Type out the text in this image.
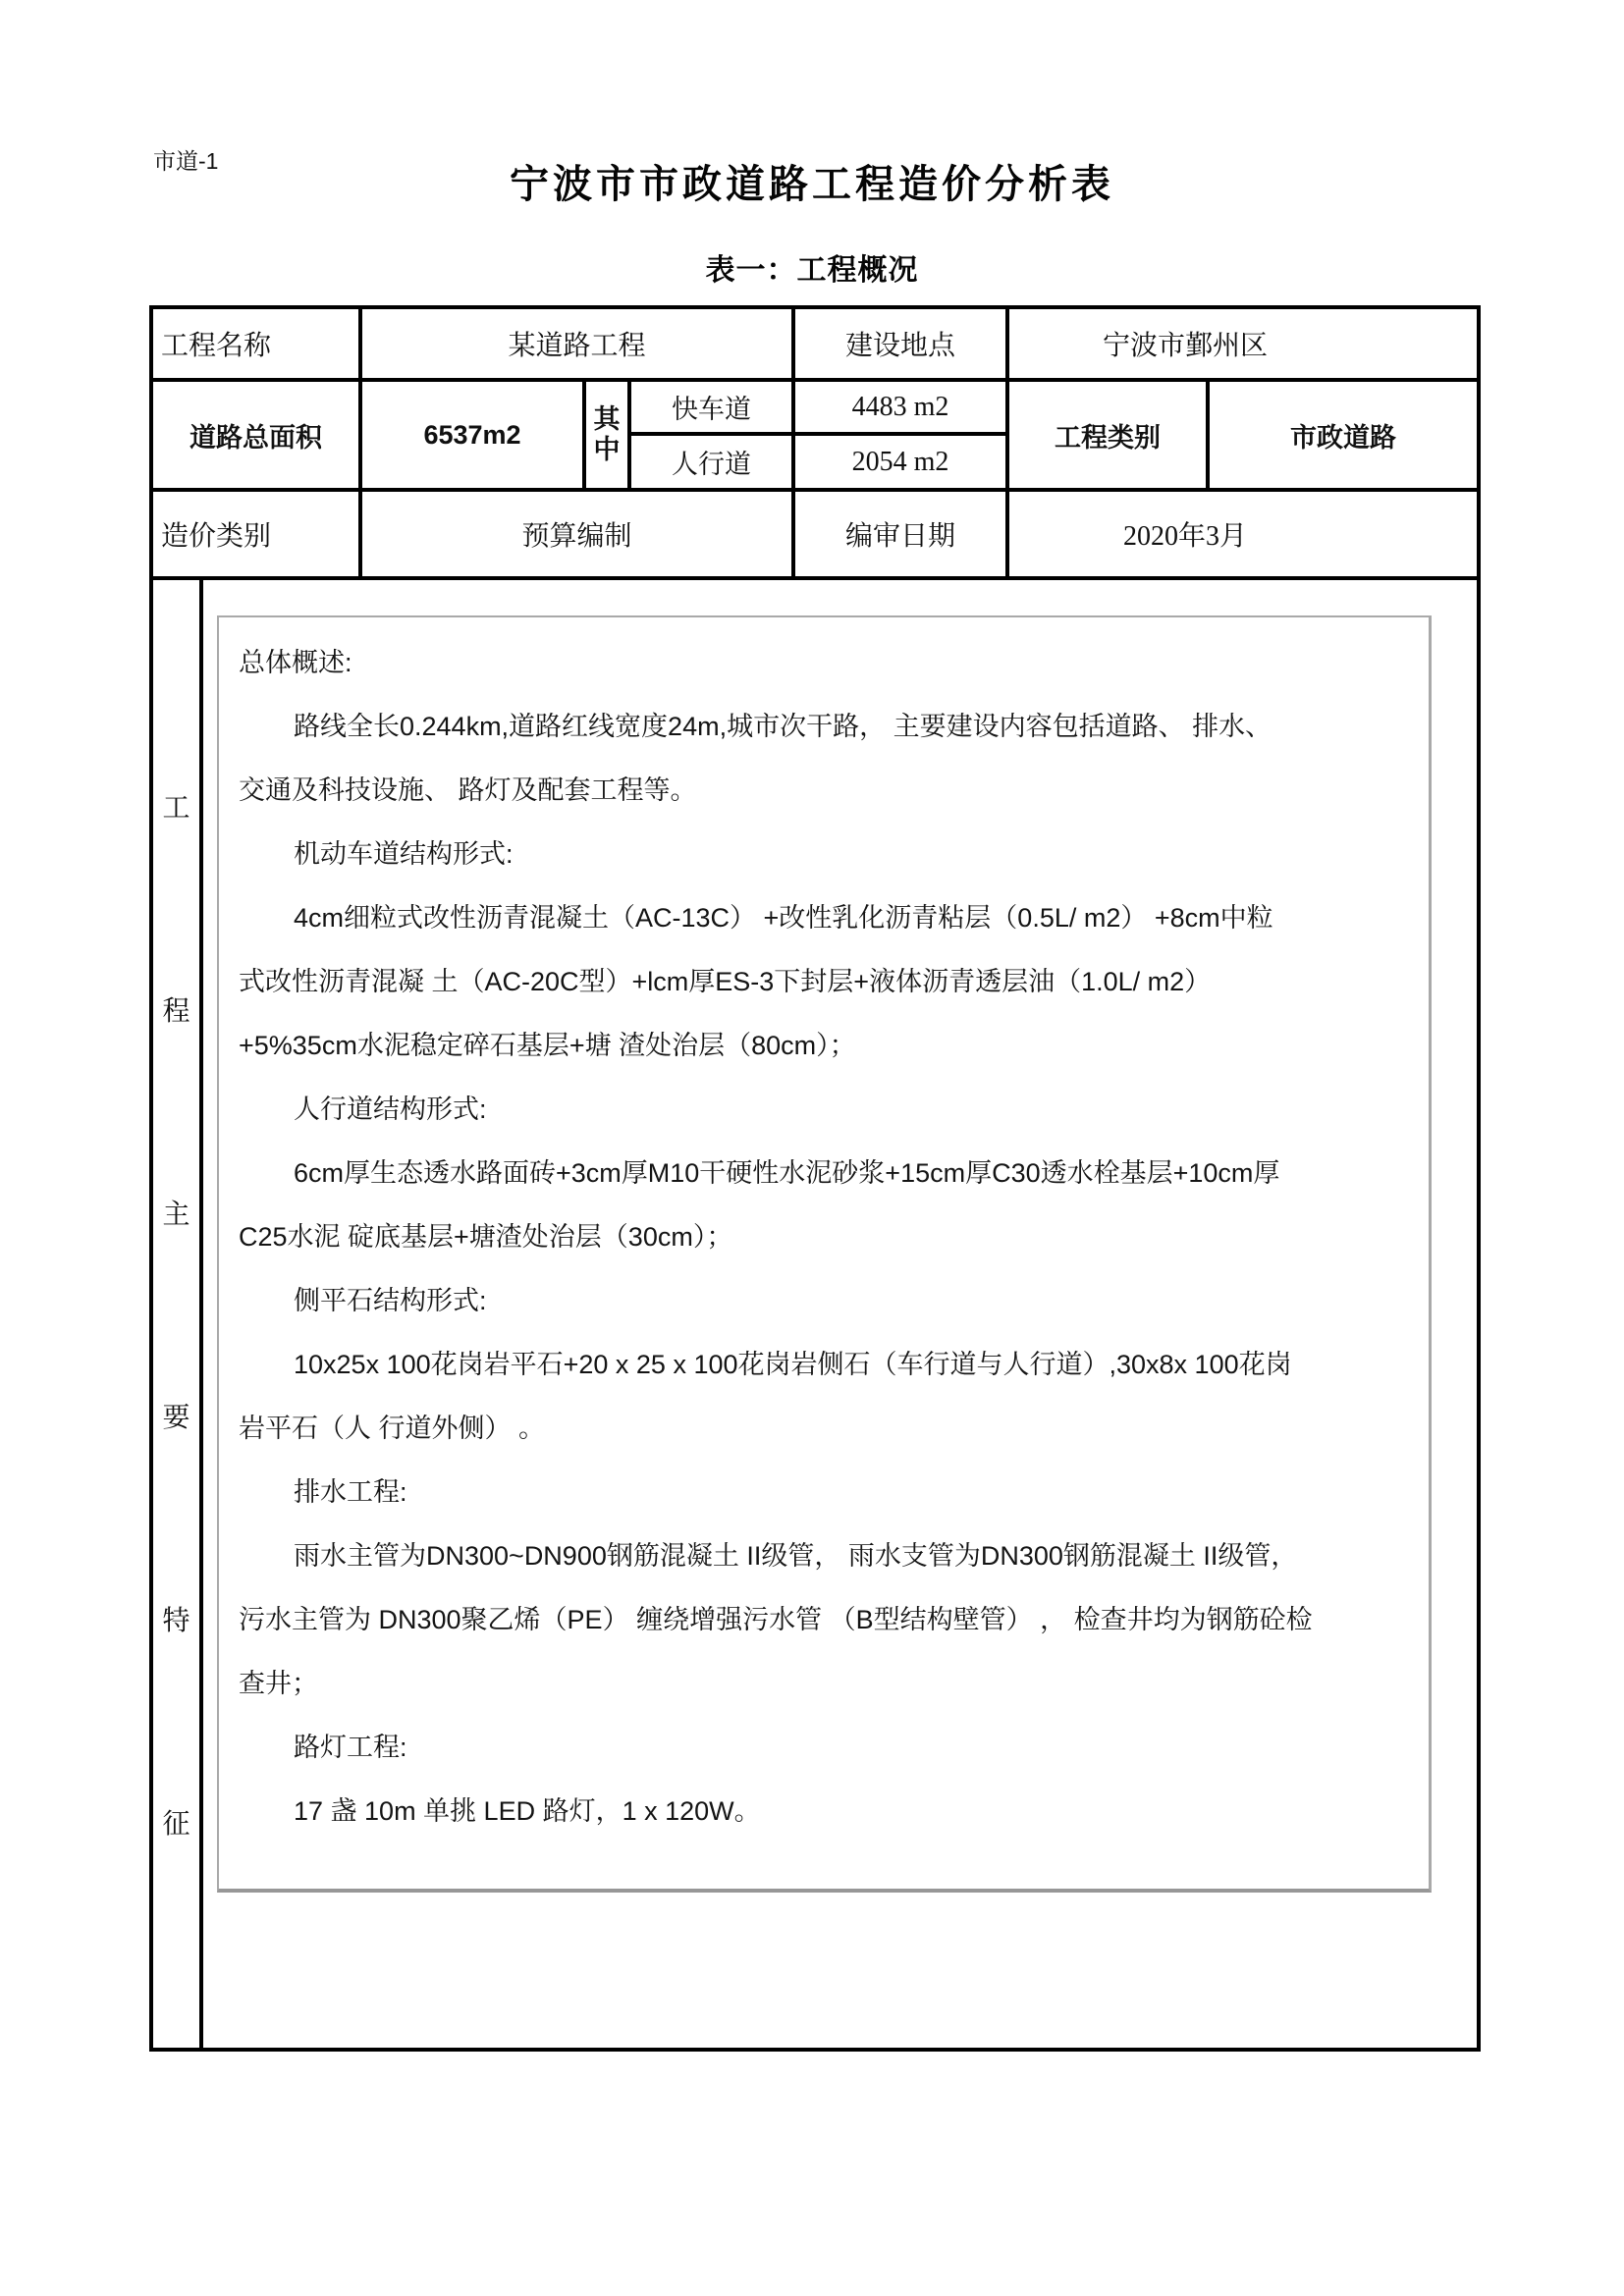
市道-1
宁波市市政道路工程造价分析表
表一：工程概况
工程名称	某道路工程	建设地点	宁波市鄞州区
道路总面积	6537m2
其
中
快车道	4483 m2
人行道	2054 m2
工程类别	市政道路
造价类别	预算编制	编审日期	2020年3月
工
程
主
要
特
征
总体概述:
路线全长0.244km,道路红线宽度24m,城市次干路， 主要建设内容包括道路、 排水、
交通及科技设施、 路灯及配套工程等。
机动车道结构形式:
4cm细粒式改性沥青混凝土（AC-13C） +改性乳化沥青粘层（0.5L/ m2） +8cm中粒
式改性沥青混凝 土（AC-20C型）+lcm厚ES-3下封层+液体沥青透层油（1.0L/ m2）
+5%35cm水泥稳定碎石基层+塘 渣处治层（80cm）；
人行道结构形式:
6cm厚生态透水路面砖+3cm厚M10干硬性水泥砂浆+15cm厚C30透水栓基层+10cm厚
C25水泥 碇底基层+塘渣处治层（30cm）；
侧平石结构形式:
10x25x 100花岗岩平石+20 x 25 x 100花岗岩侧石（车行道与人行道）,30x8x 100花岗
岩平石（人 行道外侧） 。
排水工程:
雨水主管为DN300~DN900钢筋混凝土 II级管， 雨水支管为DN300钢筋混凝土 II级管，
污水主管为 DN300聚乙烯（PE） 缠绕增强污水管 （B型结构壁管） ， 检查井均为钢筋砼检
查井；
路灯工程:
17 盏 10m 单挑 LED 路灯，1 x 120W。
